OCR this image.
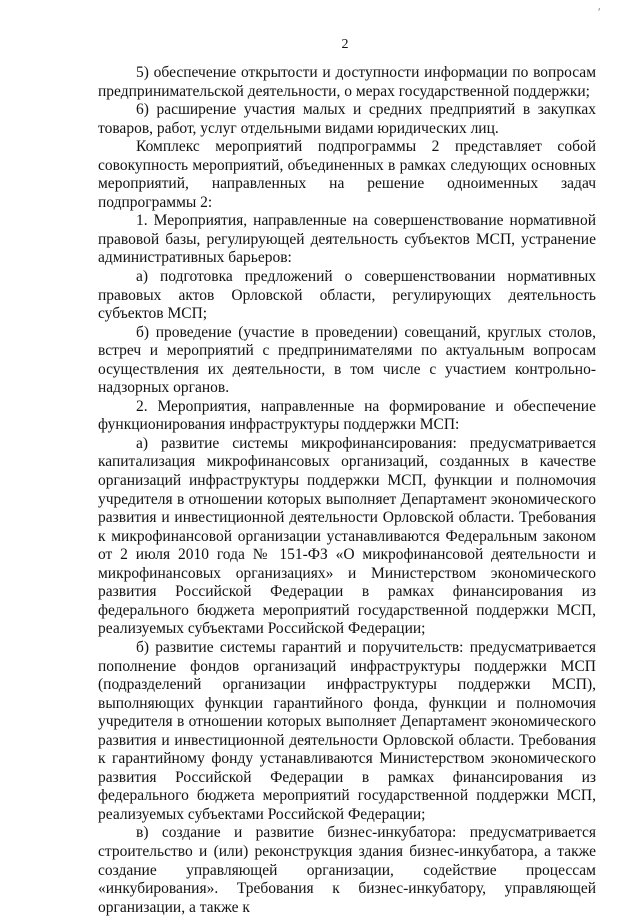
ʹ
2

5) обеспечение открытости и доступности информации по вопросам предпринимательской деятельности, о мерах государственной поддержки;

6) расширение участия малых и средних предприятий в закупках товаров, работ, услуг отдельными видами юридических лиц.

Комплекс мероприятий подпрограммы 2 представляет собой совокупность мероприятий, объединенных в рамках следующих основных мероприятий, направленных на решение одноименных задач подпрограммы 2:

1. Мероприятия, направленные на совершенствование нормативной правовой базы, регулирующей деятельность субъектов МСП, устранение административных барьеров:

а) подготовка предложений о совершенствовании нормативных правовых актов Орловской области, регулирующих деятельность субъектов МСП;

б) проведение (участие в проведении) совещаний, круглых столов, встреч и мероприятий с предпринимателями по актуальным вопросам осуществления их деятельности, в том числе с участием контрольно-надзорных органов.

2. Мероприятия, направленные на формирование и обеспечение функционирования инфраструктуры поддержки МСП:

а) развитие системы микрофинансирования: предусматривается капитализация микрофинансовых организаций, созданных в качестве организаций инфраструктуры поддержки МСП, функции и полномочия учредителя в отношении которых выполняет Департамент экономического развития и инвестиционной деятельности Орловской области. Требования к микрофинансовой организации устанавливаются Федеральным законом от 2 июля 2010 года № 151-ФЗ «О микрофинансовой деятельности и микрофинансовых организациях» и Министерством экономического развития Российской Федерации в рамках финансирования из федерального бюджета мероприятий государственной поддержки МСП, реализуемых субъектами Российской Федерации;

б) развитие системы гарантий и поручительств: предусматривается пополнение фондов организаций инфраструктуры поддержки МСП (подразделений организации инфраструктуры поддержки МСП), выполняющих функции гарантийного фонда, функции и полномочия учредителя в отношении которых выполняет Департамент экономического развития и инвестиционной деятельности Орловской области. Требования к гарантийному фонду устанавливаются Министерством экономического развития Российской Федерации в рамках финансирования из федерального бюджета мероприятий государственной поддержки МСП, реализуемых субъектами Российской Федерации;

в) создание и развитие бизнес-инкубатора: предусматривается строительство и (или) реконструкция здания бизнес-инкубатора, а также создание управляющей организации, содействие процессам «инкубирования». Требования к бизнес-инкубатору, управляющей организации, а также к
